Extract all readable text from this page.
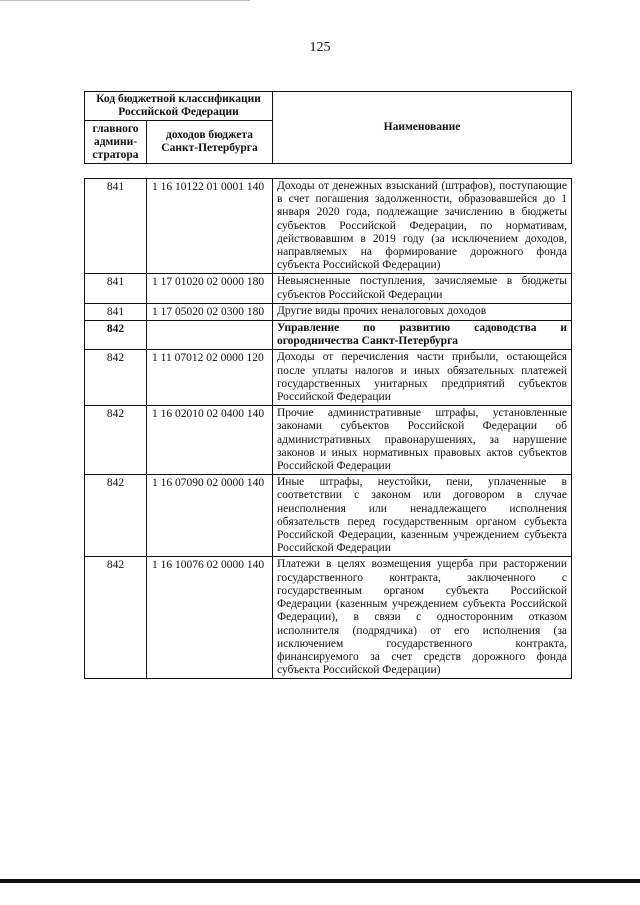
125
Код бюджетной классификации Российской Федерации		Наименование
главного админи-стратора	доходов бюджета Санкт-Петербурга	
841	1 16 10122 01 0001 140	Доходы от денежных взысканий (штрафов), поступающие в счет погашения задолженности, образовавшейся до 1 января 2020 года, подлежащие зачислению в бюджеты субъектов Российской Федерации, по нормативам, действовавшим в 2019 году (за исключением доходов, направляемых на формирование дорожного фонда субъекта Российской Федерации)
841	1 17 01020 02 0000 180	Невыясненные поступления, зачисляемые в бюджеты субъектов Российской Федерации
841	1 17 05020 02 0300 180	Другие виды прочих неналоговых доходов
842		Управление по развитию садоводства и огородничества Санкт-Петербурга
842	1 11 07012 02 0000 120	Доходы от перечисления части прибыли, остающейся после уплаты налогов и иных обязательных платежей государственных унитарных предприятий субъектов Российской Федерации
842	1 16 02010 02 0400 140	Прочие административные штрафы, установленные законами субъектов Российской Федерации об административных правонарушениях, за нарушение законов и иных нормативных правовых актов субъектов Российской Федерации
842	1 16 07090 02 0000 140	Иные штрафы, неустойки, пени, уплаченные в соответствии с законом или договором в случае неисполнения или ненадлежащего исполнения обязательств перед государственным органом субъекта Российской Федерации, казенным учреждением субъекта Российской Федерации
842	1 16 10076 02 0000 140	Платежи в целях возмещения ущерба при расторжении государственного контракта, заключенного с государственным органом субъекта Российской Федерации (казенным учреждением субъекта Российской Федерации), в связи с односторонним отказом исполнителя (подрядчика) от его исполнения (за исключением государственного контракта, финансируемого за счет средств дорожного фонда субъекта Российской Федерации)
